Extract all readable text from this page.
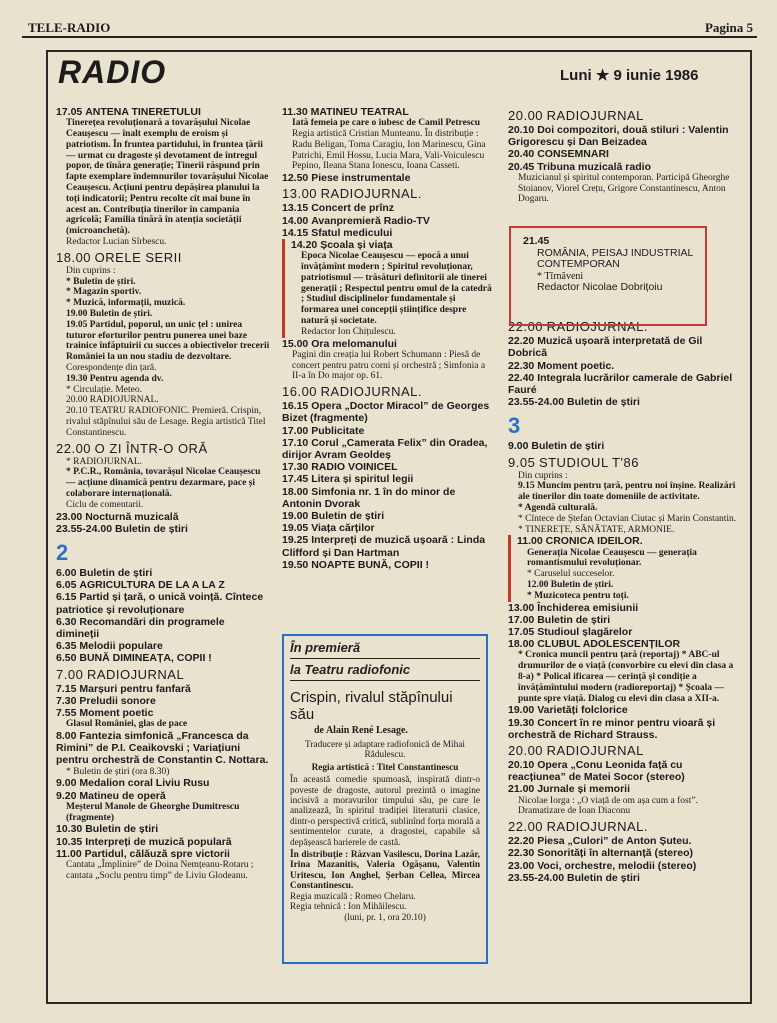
TELE-RADIO	Pagina 5
RADIO	Luni ★ 9 iunie 1986
17.05 ANTENA TINERETULUI
Tinerețea revoluționară a tovarășului Nicolae Ceaușescu — înalt exemplu de eroism și patriotism. În fruntea partidului, în fruntea țării — urmat cu dragoste și devotament de întregul popor, de tînăra generație; Tinerii răspund prin fapte exemplare îndemnurilor tovarășului Nicolae Ceaușescu. Acțiuni pentru depășirea planului la toți indicatorii; Pentru recolte cît mai bune în acest an. Contribuția tinerilor în campania agricolă; Familia tînără în atenția societății (microanchetă).
Redactor Lucian Sîrbescu.
18.00 ORELE SERII
Din cuprins :
* Buletin de știri.
* Magazin sportiv.
* Muzică, informații, muzică.
19.00 Buletin de știri.
19.05 Partidul, poporul, un unic țel : unirea tuturor eforturilor pentru punerea unei baze trainice înfăptuirii cu succes a obiectivelor trecerii României la un nou stadiu de dezvoltare.
Corespondențe din țară.
19.30 Pentru agenda dv.
* Circulație. Meteo.
20.00 RADIOJURNAL.
20.10 TEATRU RADIOFONIC. Premieră. Crispin, rivalul stăpînului său de Lesage. Regia artistică Titel Constantinescu.
22.00 O ZI ÎNTR-O ORĂ
* RADIOJURNAL.
* P.C.R., România, tovarășul Nicolae Ceaușescu — acțiune dinamică pentru dezarmare, pace și colaborare internațională.
Ciclu de comentarii.
23.00 Nocturnă muzicală
23.55-24.00 Buletin de știri
2
6.00 Buletin de știri
6.05 AGRICULTURA DE LA A LA Z
6.15 Partid și țară, o unică voință. Cîntece patriotice și revoluționare
6.30 Recomandări din programele dimineții
6.35 Melodii populare
6.50 BUNĂ DIMINEAȚA, COPII !
7.00 RADIOJURNAL
7.15 Marșuri pentru fanfară
7.30 Preludii sonore
7.55 Moment poetic
Glasul României, glas de pace
8.00 Fantezia simfonică „Francesca da Rimini” de P.I. Ceaikovski ; Variațiuni pentru orchestră de Constantin C. Nottara.
* Buletin de știri (ora 8.30)
9.00 Medalion coral Liviu Rusu
9.20 Matineu de operă
Meșterul Manole de Gheorghe Dumitrescu (fragmente)
10.30 Buletin de știri
10.35 Interpreți de muzică populară
11.00 Partidul, călăuză spre victorii
Cantata „Împlinire” de Doina Nemțeanu-Rotaru ; cantata „Soclu pentru timp” de Liviu Glodeanu.
11.30 MATINEU TEATRAL
Iată femeia pe care o iubesc de Camil Petrescu
Regia artistică Cristian Munteanu. În distribuție : Radu Beligan, Toma Caragiu, Ion Marinescu, Gina Patrichi, Emil Hossu, Lucia Mara, Vali-Voiculescu Pepino, Ileana Stana Ionescu, Ioana Casseti.
12.50 Piese instrumentale
13.00 RADIOJURNAL.
13.15 Concert de prînz
14.00 Avanpremieră Radio-TV
14.15 Sfatul medicului
14.20 Școala și viața
Epoca Nicolae Ceaușescu — epocă a unui învățămînt modern ; Spiritul revoluționar, patriotismul — trăsături definitorii ale tinerei generații ; Respectul pentru omul de la catedră ; Studiul disciplinelor fundamentale și formarea unei concepții științifice despre natură și societate.
Redactor Ion Chițulescu.
15.00 Ora melomanului
Pagini din creația lui Robert Schumann : Piesă de concert pentru patru corni și orchestră ; Simfonia a II-a în Do major op. 61.
16.00 RADIOJURNAL.
16.15 Opera „Doctor Miracol” de Georges Bizet (fragmente)
17.00 Publicitate
17.10 Corul „Camerata Felix” din Oradea, dirijor Avram Geoldeș
17.30 RADIO VOINICEL
17.45 Litera și spiritul legii
18.00 Simfonia nr. 1 în do minor de Antonin Dvorak
19.00 Buletin de știri
19.05 Viața cărților
19.25 Interpreți de muzică ușoară : Linda Clifford și Dan Hartman
19.50 NOAPTE BUNĂ, COPII !
În premieră
la Teatru radiofonic
Crispin, rivalul stăpînului său
de Alain René Lesage.
Traducere și adaptare radiofonică de Mihai Rădulescu.
Regia artistică : Titel Constantinescu
În această comedie spumoasă, inspirată dintr-o poveste de dragoste, autorul prezintă o imagine incisivă a moravurilor timpului său, pe care le analizează, în spiritul tradiției literaturii clasice, dintr-o perspectivă critică, sublinînd forța morală a sentimentelor curate, a dragostei, capabile să depășească barierele de castă.
În distribuție : Răzvan Vasilescu, Dorina Lazăr, Irina Mazanitis, Valeria Ogășanu, Valentin Uritescu, Ion Anghel, Șerban Cellea, Mircea Constantinescu.
Regia muzicală : Romeo Chelaru.
Regia tehnică : Ion Mihăilescu.
(luni, pr. 1, ora 20.10)
20.00 RADIOJURNAL
20.10 Doi compozitori, două stiluri : Valentin Grigorescu și Dan Beizadea
20.40 CONSEMNARI
20.45 Tribuna muzicală radio
Muzicianul și spiritul contemporan. Participă Gheorghe Stoianov, Viorel Crețu, Grigore Constantinescu, Anton Dogaru.
22.00 RADIOJURNAL.
22.20 Muzică ușoară interpretată de Gil Dobrică
22.30 Moment poetic.
22.40 Integrala lucrărilor camerale de Gabriel Fauré
23.55-24.00 Buletin de știri
3
9.00 Buletin de știri
9.05 STUDIOUL T'86
Din cuprins :
9.15 Muncim pentru țară, pentru noi înșine. Realizări ale tinerilor din toate domeniile de activitate.
* Agendă culturală.
* Cîntece de Ștefan Octavian Ciutac și Marin Constantin.
* TINEREȚE, SĂNĂTATE, ARMONIE.
11.00 CRONICA IDEILOR.
Generația Nicolae Ceaușescu — generația romantismului revoluționar.
* Caruselul succeselor.
12.00 Buletin de știri.
* Muzicoteca pentru toți.
13.00 Închiderea emisiunii
17.00 Buletin de știri
17.05 Studioul șlagărelor
18.00 CLUBUL ADOLESCENȚILOR
* Cronica muncii pentru țară (reportaj) * ABC-ul drumurilor de o viață (convorbire cu elevi din clasa a 8-a) * Polical ificarea — cerință și condiție a învățămîntului modern (radioreportaj) * Școala — punte spre viață. Dialog cu elevi din clasa a XII-a.
19.00 Varietăți folclorice
19.30 Concert în re minor pentru vioară și orchestră de Richard Strauss.
20.00 RADIOJURNAL
20.10 Opera „Conu Leonida față cu reacțiunea” de Matei Socor (stereo)
21.00 Jurnale și memorii
Nicolae Iorga : „O viață de om așa cum a fost”. Dramatizare de Ioan Diaconu
22.00 RADIOJURNAL.
22.20 Piesa „Culori” de Anton Șuteu.
22.30 Sonorități în alternanță (stereo)
23.00 Voci, orchestre, melodii (stereo)
23.55-24.00 Buletin de știri
21.45
ROMÂNIA, PEISAJ INDUSTRIAL CONTEMPORAN
* Tîrnăveni
Redactor Nicolae Dobrițoiu
